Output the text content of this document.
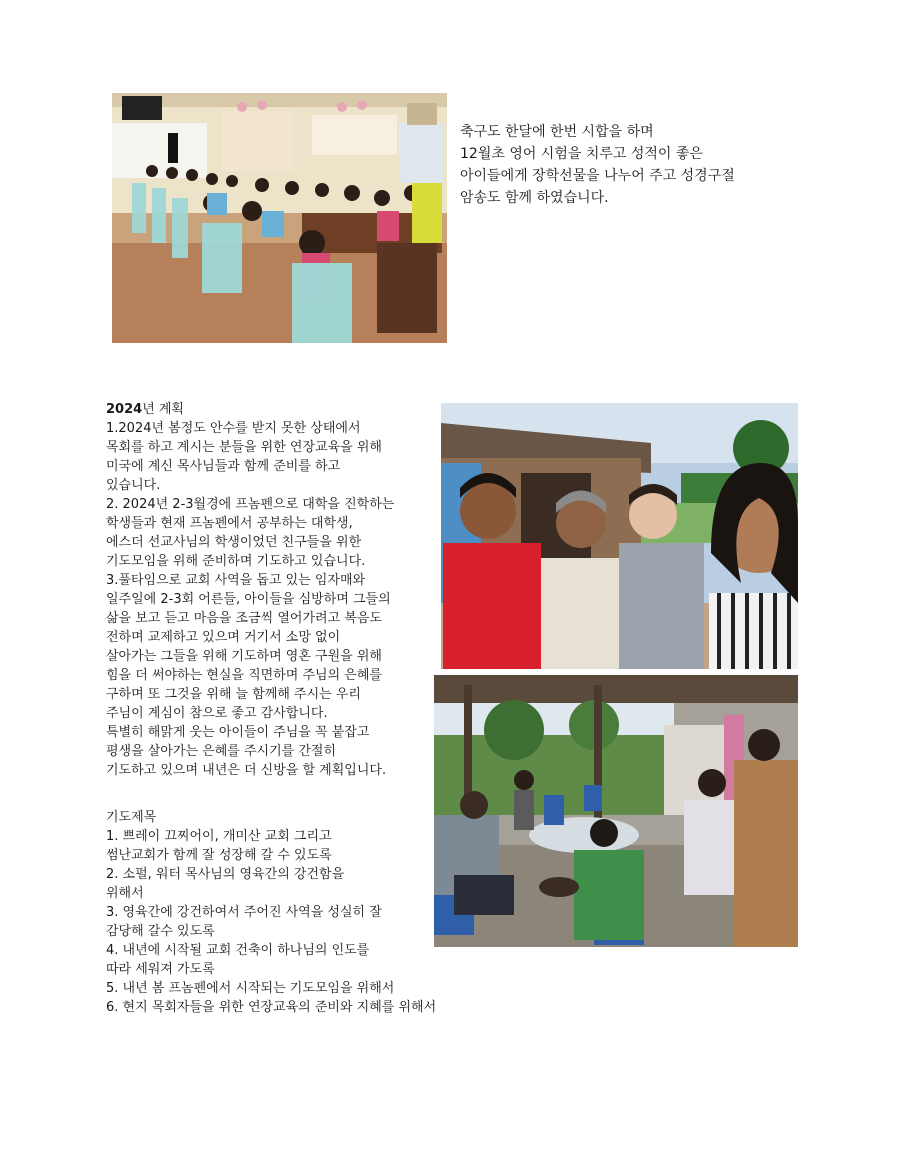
축구도 한달에 한번 시합을 하며

12월초 영어 시험을 치루고 성적이 좋은

아이들에게 장학선물을 나누어 주고 성경구절

암송도 함께 하였습니다.

2024년 계획

1.2024년 봄정도 안수를 받지 못한 상태에서

목회를 하고 계시는 분들을 위한 연장교육을 위해

미국에 계신 목사님들과 함께 준비를 하고

있습니다.

2. 2024년 2-3월경에 프놈펜으로 대학을 진학하는

학생들과 현재 프놈펜에서 공부하는 대학생,

에스더 선교사님의 학생이었던 친구들을 위한

기도모임을 위해 준비하며 기도하고 있습니다.

3.풀타임으로 교회 사역을 돕고 있는 임자매와

일주일에 2-3회 어른들, 아이들을 심방하며 그들의

삶을 보고 듣고 마음을 조금씩 열어가려고 복음도

전하며 교제하고 있으며 거기서 소망 없이

살아가는 그들을 위해 기도하며 영혼 구원을 위해

힘을 더 써야하는 현실을 직면하며 주님의 은혜를

구하며 또 그것을 위해 늘 함께해 주시는 우리

주님이 계심이 참으로 좋고 감사합니다.

특별히 해맑게 웃는 아이들이 주님을 꼭 붙잡고

평생을 살아가는 은혜를 주시기를 간절히

기도하고 있으며 내년은 더 신방을 할 계획입니다.

기도제목

1. 쁘레이 끄찌어이, 개미산 교회 그리고

썸난교회가 함께 잘 성장해 갈 수 있도록

2. 소펄, 워터 목사님의 영육간의 강건함을

위해서

3. 영육간에 강건하여서 주어진 사역을 성실히 잘

감당해 갈수 있도록

4. 내년에 시작될 교회 건축이 하나님의 인도를

따라 세워져 가도록

5. 내년 봄 프놈펜에서 시작되는 기도모임을 위해서

6. 현지 목회자들을 위한 연장교육의 준비와 지혜를 위해서
